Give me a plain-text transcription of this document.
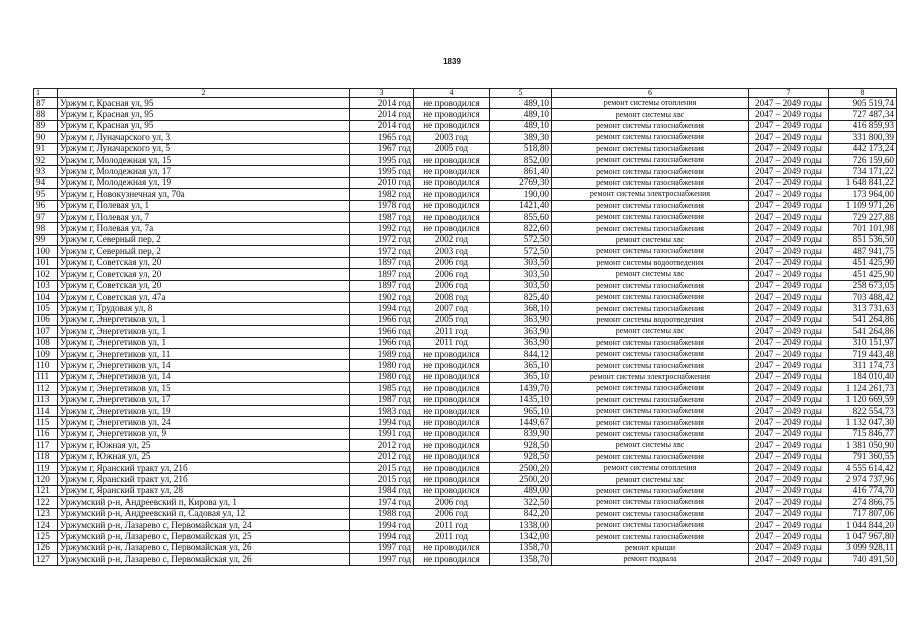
1839
1	2	3	4	5	6	7	8
87	Уржум г, Красная ул, 95	2014 год	не проводился	489,10	ремонт системы отопления	2047 – 2049 годы	905 519,74
88	Уржум г, Красная ул, 95	2014 год	не проводился	489,10	ремонт системы хвс	2047 – 2049 годы	727 487,34
89	Уржум г, Красная ул, 95	2014 год	не проводился	489,10	ремонт системы газоснабжения	2047 – 2049 годы	416 859,93
90	Уржум г, Луначарского ул, 3	1965 год	2003 год	389,30	ремонт системы газоснабжения	2047 – 2049 годы	331 800,39
91	Уржум г, Луначарского ул, 5	1967 год	2005 год	518,80	ремонт системы газоснабжения	2047 – 2049 годы	442 173,24
92	Уржум г, Молодежная ул, 15	1995 год	не проводился	852,00	ремонт системы газоснабжения	2047 – 2049 годы	726 159,60
93	Уржум г, Молодежная ул, 17	1995 год	не проводился	861,40	ремонт системы газоснабжения	2047 – 2049 годы	734 171,22
94	Уржум г, Молодежная ул, 19	2010 год	не проводился	2769,30	ремонт системы газоснабжения	2047 – 2049 годы	1 648 841,22
95	Уржум г, Новокузнечная ул, 70а	1982 год	не проводился	190,00	ремонт системы электроснабжения	2047 – 2049 годы	173 964,00
96	Уржум г, Полевая ул, 1	1978 год	не проводился	1421,40	ремонт системы газоснабжения	2047 – 2049 годы	1 109 971,26
97	Уржум г, Полевая ул, 7	1987 год	не проводился	855,60	ремонт системы газоснабжения	2047 – 2049 годы	729 227,88
98	Уржум г, Полевая ул, 7а	1992 год	не проводился	822,60	ремонт системы газоснабжения	2047 – 2049 годы	701 101,98
99	Уржум г, Северный пер, 2	1972 год	2002 год	572,50	ремонт системы хвс	2047 – 2049 годы	851 536,50
100	Уржум г, Северный пер, 2	1972 год	2003 год	572,50	ремонт системы газоснабжения	2047 – 2049 годы	487 941,75
101	Уржум г, Советская ул, 20	1897 год	2006 год	303,50	ремонт системы водоотведения	2047 – 2049 годы	451 425,90
102	Уржум г, Советская ул, 20	1897 год	2006 год	303,50	ремонт системы хвс	2047 – 2049 годы	451 425,90
103	Уржум г, Советская ул, 20	1897 год	2006 год	303,50	ремонт системы газоснабжения	2047 – 2049 годы	258 673,05
104	Уржум г, Советская ул, 47а	1902 год	2008 год	825,40	ремонт системы газоснабжения	2047 – 2049 годы	703 488,42
105	Уржум г, Трудовая ул, 8	1994 год	2007 год	368,10	ремонт системы газоснабжения	2047 – 2049 годы	313 731,63
106	Уржум г, Энергетиков ул, 1	1966 год	2005 год	363,90	ремонт системы водоотведения	2047 – 2049 годы	541 264,86
107	Уржум г, Энергетиков ул, 1	1966 год	2011 год	363,90	ремонт системы хвс	2047 – 2049 годы	541 264,86
108	Уржум г, Энергетиков ул, 1	1966 год	2011 год	363,90	ремонт системы газоснабжения	2047 – 2049 годы	310 151,97
109	Уржум г, Энергетиков ул, 11	1989 год	не проводился	844,12	ремонт системы газоснабжения	2047 – 2049 годы	719 443,48
110	Уржум г, Энергетиков ул, 14	1980 год	не проводился	365,10	ремонт системы газоснабжения	2047 – 2049 годы	311 174,73
111	Уржум г, Энергетиков ул, 14	1980 год	не проводился	365,10	ремонт системы электроснабжения	2047 – 2049 годы	184 010,40
112	Уржум г, Энергетиков ул, 15	1985 год	не проводился	1439,70	ремонт системы газоснабжения	2047 – 2049 годы	1 124 261,73
113	Уржум г, Энергетиков ул, 17	1987 год	не проводился	1435,10	ремонт системы газоснабжения	2047 – 2049 годы	1 120 669,59
114	Уржум г, Энергетиков ул, 19	1983 год	не проводился	965,10	ремонт системы газоснабжения	2047 – 2049 годы	822 554,73
115	Уржум г, Энергетиков ул, 24	1994 год	не проводился	1449,67	ремонт системы газоснабжения	2047 – 2049 годы	1 132 047,30
116	Уржум г, Энергетиков ул, 9	1991 год	не проводился	839,90	ремонт системы газоснабжения	2047 – 2049 годы	715 846,77
117	Уржум г, Южная ул, 25	2012 год	не проводился	928,50	ремонт системы хвс	2047 – 2049 годы	1 381 050,90
118	Уржум г, Южная ул, 25	2012 год	не проводился	928,50	ремонт системы газоснабжения	2047 – 2049 годы	791 360,55
119	Уржум г, Яранский тракт ул, 21б	2015 год	не проводился	2500,20	ремонт системы отопления	2047 – 2049 годы	4 555 614,42
120	Уржум г, Яранский тракт ул, 21б	2015 год	не проводился	2500,20	ремонт системы хвс	2047 – 2049 годы	2 974 737,96
121	Уржум г, Яранский тракт ул, 28	1984 год	не проводился	489,00	ремонт системы газоснабжения	2047 – 2049 годы	416 774,70
122	Уржумский р-н, Андреевский п, Кирова ул, 1	1974 год	2006 год	322,50	ремонт системы газоснабжения	2047 – 2049 годы	274 866,75
123	Уржумский р-н, Андреевский п, Садовая ул, 12	1988 год	2006 год	842,20	ремонт системы газоснабжения	2047 – 2049 годы	717 807,06
124	Уржумский р-н, Лазарево с, Первомайская ул, 24	1994 год	2011 год	1338,00	ремонт системы газоснабжения	2047 – 2049 годы	1 044 844,20
125	Уржумский р-н, Лазарево с, Первомайская ул, 25	1994 год	2011 год	1342,00	ремонт системы газоснабжения	2047 – 2049 годы	1 047 967,80
126	Уржумский р-н, Лазарево с, Первомайская ул, 26	1997 год	не проводился	1358,70	ремонт крыши	2047 – 2049 годы	3 099 928,11
127	Уржумский р-н, Лазарево с, Первомайская ул, 26	1997 год	не проводился	1358,70	ремонт подвала	2047 – 2049 годы	740 491,50
